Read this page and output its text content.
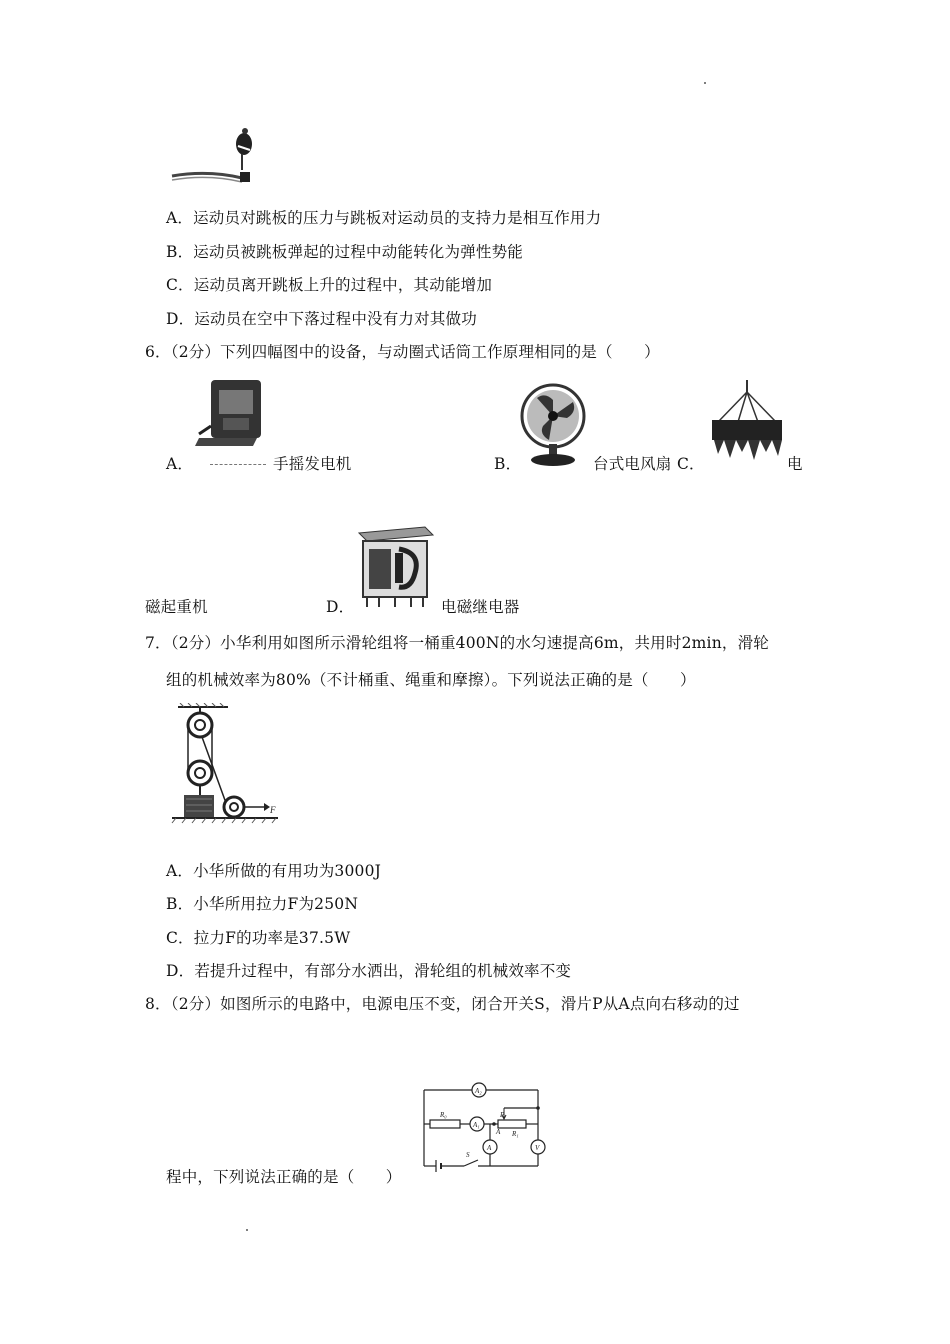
A．运动员对跳板的压力与跳板对运动员的支持力是相互作用力
B．运动员被跳板弹起的过程中动能转化为弹性势能
C．运动员离开跳板上升的过程中，其动能增加
D．运动员在空中下落过程中没有力对其做功
6．（2分）下列四幅图中的设备，与动圈式话筒工作原理相同的是（　　）
A．	手摇发电机	B．	台式电风扇 C．	电
磁起重机	D．	电磁继电器
7．（2分）小华利用如图所示滑轮组将一桶重400N的水匀速提高6m，共用时2min，滑轮
组的机械效率为80%（不计桶重、绳重和摩擦）。下列说法正确的是（　　）
F
A．小华所做的有用功为3000J
B．小华所用拉力F为250N
C．拉力F的功率是37.5W
D．若提升过程中，有部分水洒出，滑轮组的机械效率不变
8．（2分）如图所示的电路中，电源电压不变，闭合开关S，滑片P从A点向右移动的过
A₂
R₀
A₁
R₁
P
A
A	V
S
程中，下列说法正确的是（　　）
